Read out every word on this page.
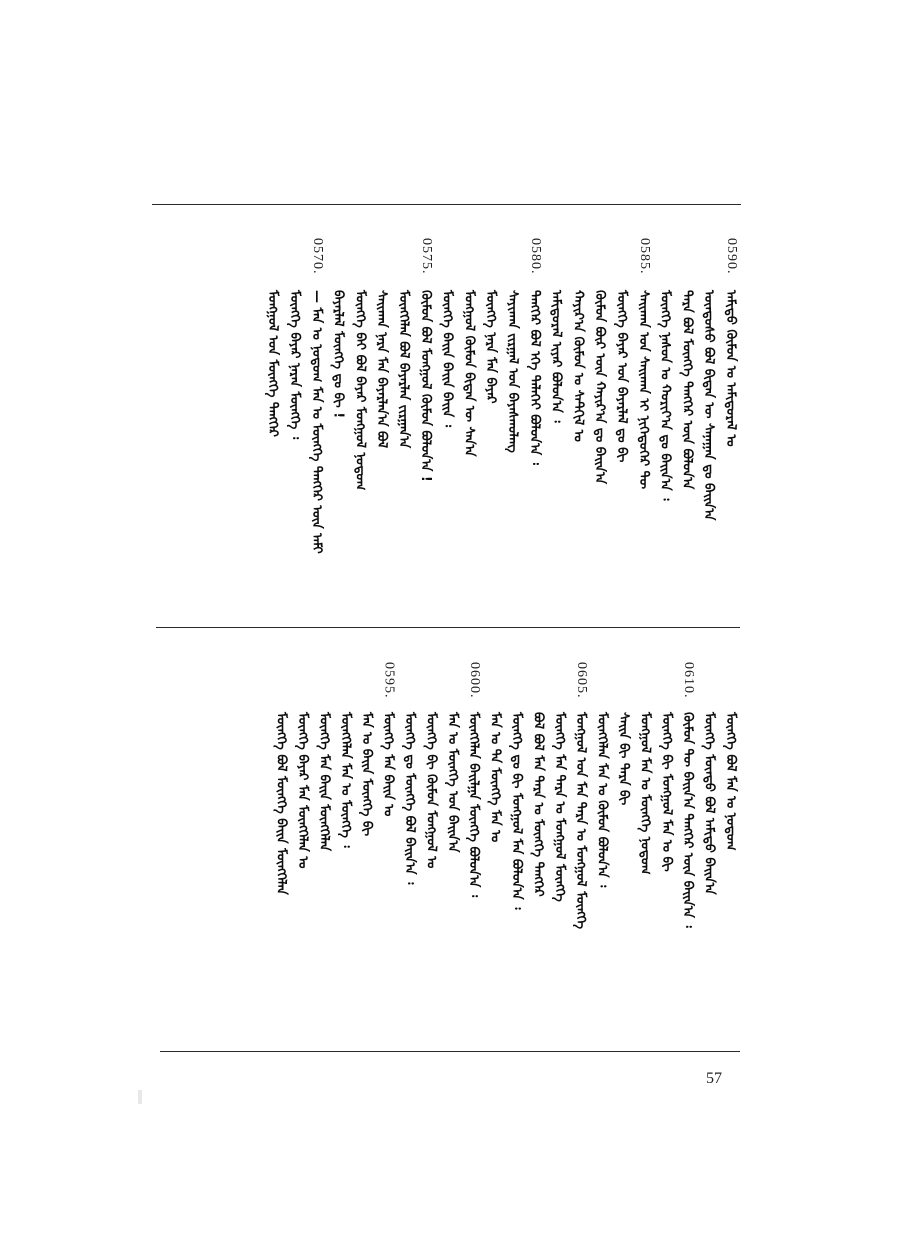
ᠠᠮᠢᠳᠤ ᠬᠦᠮᠦᠨ ᠤ ᠠᠮᠢᠳᠤᠷᠠᠯ ᠤ
ᠦᠨᠳᠦᠰᠦ ᠪᠣᠯ ᠪᠢᠳᠡᠨ ᠦ ᠰᠠᠨᠠᠭᠠᠨ ᠳᠤ ᠪᠠᠢᠨ᠎ᠠ
ᠲᠡᠷᠡ ᠪᠣᠯ ᠮᠥᠩᠬᠡ ᠲᠡᠩᠭᠡᠷ ᠦᠨ ᠪᠣᠯᠤᠨ᠎ᠠ
ᠮᠦᠩᠬᠡ ᠨᠠᠰᠤᠨ ᠤ ᠬᠣᠷᠢᠶ᠎ᠠ ᠳᠤ ᠪᠠᠢᠨ᠎ᠠ ᠄
ᠰᠠᠢᠬᠠᠨ ᠤᠨ ᠰᠠᠢᠬᠠᠨ ᠢ ᠨᠢᠭᠡᠳᠦᠭᠡᠷ ᠲᠦ
ᠮᠥᠩᠬᠡ ᠪᠠᠶᠠᠷ ᠤᠨ ᠪᠠᠶᠠᠷᠯᠠᠯ ᠳᠤ ᠪᠢ
ᠬᠦᠮᠦᠨ ᠪᠦᠷ ᠦᠨ ᠬᠠᠶᠢᠷ᠎ᠠ ᠳᠤ ᠪᠠᠢᠨ᠎ᠠ
ᠬᠠᠶᠢᠷ᠎ᠠ ᠬᠦᠮᠦᠨ ᠤ ᠰᠡᠲᠭᠢᠯ ᠤ
ᠠᠮᠢᠳᠤᠷᠠᠯ ᠢᠶᠠᠷ ᠪᠣᠯᠤᠨ᠎ᠠ ᠄
ᠲᠡᠩᠭᠡᠷ ᠪᠣᠯ ᠡᠬᠡ ᠳᠡᠯᠡᠬᠡᠢ ᠪᠣᠯᠤᠨ᠎ᠠ ᠄
ᠰᠠᠶᠢᠬᠠᠨ ᠵᠢᠷᠭᠠᠯ ᠤᠨ ᠪᠠᠶᠠᠰᠬᠤᠯᠠᠩ
ᠮᠦᠩᠬᠡ ᠨᠠᠷᠠ ᠮᠠᠨ ᠪᠠᠶᠠᠷ
ᠮᠣᠩᠭᠣᠯ ᠬᠦᠮᠦᠨ ᠪᠢᠳᠡᠨ ᠦ ᠰᠠᠨ᠎ᠠ
ᠮᠥᠩᠬᠡ ᠪᠠᠢᠨ ᠪᠠᠢᠨ ᠪᠠᠢᠨ ᠄
ᠬᠦᠮᠦᠨ ᠪᠣᠯ ᠮᠣᠩᠭᠣᠯ ᠬᠦᠮᠦᠨ ᠪᠣᠯᠤᠨ᠎ᠠ !
ᠮᠥᠩᠬᠡᠯᠡᠨ ᠪᠣᠯ ᠪᠠᠶᠠᠷᠯᠠᠨ ᠵᠢᠷᠭᠠᠨ᠎ᠠ
ᠰᠠᠢᠬᠠᠨ ᠨᠠᠷᠠ ᠮᠠᠨ ᠪᠠᠶᠠᠷᠯᠠᠨ᠎ᠠ ᠪᠣᠯ
ᠮᠥᠩᠬᠡ ᠪᠠᠢ ᠪᠣᠯ ᠪᠠᠶᠠᠷ ᠮᠣᠩᠭᠣᠯ ᠨᠤᠲᠤᠭ
ᠪᠠᠶᠠᠷᠯᠠᠯ ᠮᠥᠩᠬᠡ ᠳᠤ ᠪᠢ !
— ᠮᠠᠨ ᠤ ᠨᠤᠲᠤᠭ ᠮᠠᠨ ᠤ ᠮᠥᠩᠬᠡ ᠲᠡᠩᠭᠡᠷ ᠦᠨ ᠠᠮᠢ
ᠮᠥᠩᠬᠡ ᠪᠠᠶᠠᠷ ᠨᠠᠷᠠᠨ ᠮᠥᠩᠬᠡ ᠄
ᠮᠣᠩᠭᠣᠯ ᠤᠨ ᠮᠥᠩᠬᠡ ᠲᠡᠩᠭᠡᠷ
0590.
0585.
0580.
0575.
0570.
ᠮᠦᠩᠬᠡ ᠪᠣᠯ ᠮᠠᠨ ᠤ ᠨᠤᠲᠤᠭ
ᠮᠥᠩᠬᠡ ᠮᠥᠨᠳᠦ ᠪᠣᠯ ᠠᠮᠢᠳᠤ ᠪᠠᠢᠨ᠎ᠠ
ᠬᠦᠮᠦᠨ ᠲᠦ ᠪᠠᠢᠨ᠎ᠠ ᠲᠡᠩᠭᠡᠷ ᠦᠨ ᠪᠠᠢᠨ᠎ᠠ ᠄
ᠮᠥᠩᠬᠡ ᠪᠢ ᠮᠣᠩᠭᠣᠯ ᠮᠠᠨ ᠤ ᠪᠢ
ᠮᠣᠩᠭᠣᠯ ᠮᠠᠨ ᠤ ᠮᠥᠩᠬᠡ ᠨᠤᠲᠤᠭ
ᠰᠠᠢᠨ ᠪᠢ ᠲᠡᠷᠡ ᠪᠢ
ᠮᠥᠩᠬᠡᠯᠡᠨ ᠮᠠᠨ ᠤ ᠬᠦᠮᠦᠨ ᠪᠣᠯᠤᠨ᠎ᠠ ᠄
ᠮᠣᠩᠭᠣᠯ ᠤᠨ ᠮᠠᠨ ᠲᠡᠷᠡ ᠤ ᠮᠣᠩᠭᠣᠯ ᠮᠥᠩᠬᠡ
ᠮᠥᠩᠬᠡ ᠮᠠᠨ ᠲᠡᠷᠡ ᠤ ᠮᠣᠩᠭᠣᠯ ᠮᠥᠩᠬᠡ
ᠪᠣᠯ ᠪᠣᠯ ᠮᠠᠨ ᠲᠡᠷᠡ ᠤ ᠮᠥᠩᠬᠡ ᠲᠡᠩᠭᠡᠷ
ᠮᠥᠩᠬᠡ ᠳᠤ ᠪᠢ ᠮᠣᠩᠭᠣᠯ ᠮᠠᠨ ᠪᠣᠯᠤᠨ᠎ᠠ ᠄
ᠮᠠᠨ ᠤ ᠲᠡ ᠮᠥᠩᠬᠡ ᠮᠠᠨ ᠤ
ᠮᠥᠩᠬᠡᠯᠡᠨ ᠪᠠᠢᠯᠭᠠ ᠮᠥᠩᠬᠡ ᠪᠣᠯᠤᠨ᠎ᠠ ᠄
ᠮᠠᠨ ᠤ ᠮᠥᠩᠬᠡ ᠤᠨ ᠪᠠᠢᠨ᠎ᠠ
ᠮᠥᠩᠬᠡ ᠪᠢ ᠬᠦᠮᠦᠨ ᠮᠣᠩᠭᠣᠯ ᠤ
ᠮᠥᠩᠬᠡ ᠳᠤ ᠮᠥᠩᠬᠡ ᠪᠣᠯ ᠪᠠᠢᠨ᠎ᠠ ᠄
ᠮᠥᠩᠬᠡ ᠮᠠᠨ ᠪᠠᠢᠨ ᠤ
ᠮᠠᠨ ᠤ ᠪᠠᠢᠨ ᠮᠥᠩᠬᠡ ᠪᠢ
ᠮᠥᠩᠬᠡᠯᠡᠨ ᠮᠠᠨ ᠤ ᠮᠥᠩᠬᠡ ᠄
ᠮᠥᠩᠬᠡ ᠮᠠᠨ ᠪᠠᠢᠨ ᠮᠥᠩᠬᠡᠯᠡᠨ
ᠮᠥᠩᠬᠡ ᠪᠠᠶᠠᠷ ᠮᠠᠨ ᠮᠥᠩᠬᠡᠯᠡᠨ ᠤ
ᠮᠥᠩᠬᠡ ᠪᠣᠯ ᠮᠥᠩᠬᠡ ᠪᠠᠢᠨ ᠮᠥᠩᠬᠡᠯᠡᠨ
0610.
0605.
0600.
0595.
57
